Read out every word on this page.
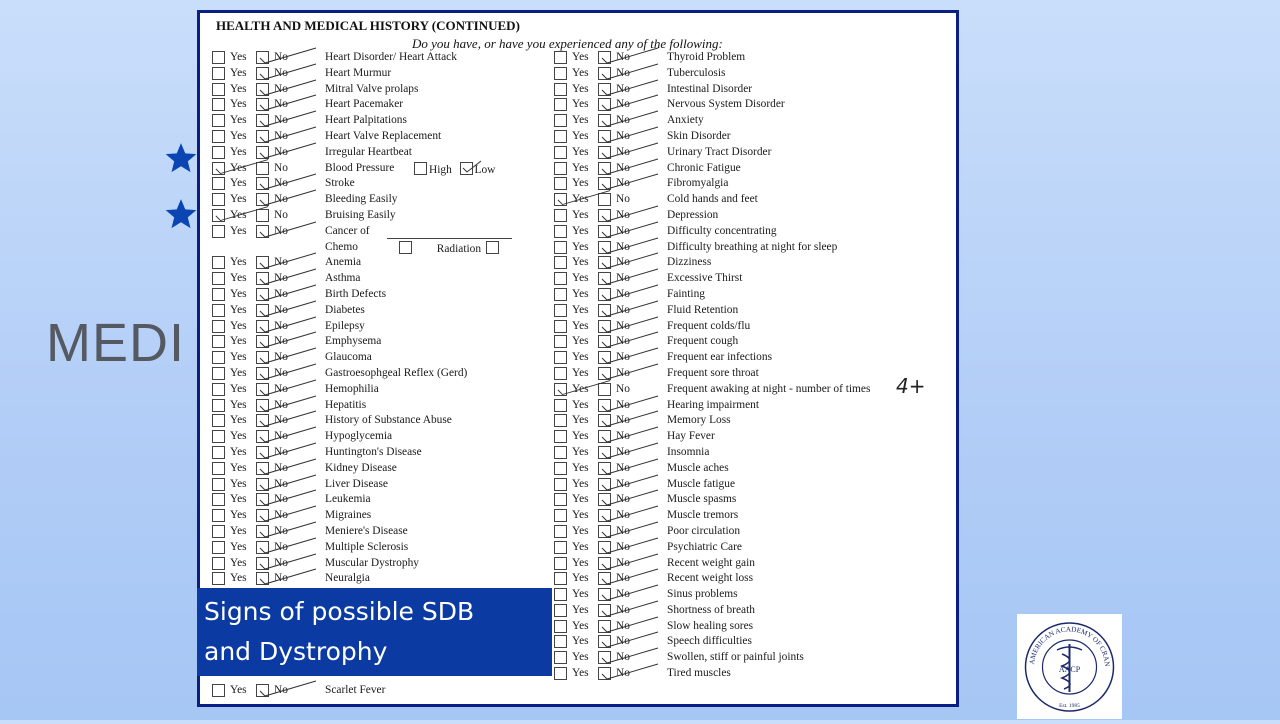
MEDI
HEALTH AND MEDICAL HISTORY (CONTINUED)
Do you have, or have you experienced any of the following:
Yes No	Heart Disorder/ Heart Attack
Yes No	Heart Murmur
Yes No	Mitral Valve prolaps
Yes No	Heart Pacemaker
Yes No	Heart Palpitations
Yes No	Heart Valve Replacement
Yes No	Irregular Heartbeat
Yes No	Blood Pressure	High Low
Yes No	Stroke
Yes No	Bleeding Easily
Yes No	Bruising Easily
Yes No	Cancer of
Chemo	Radiation
Yes No	Anemia
Yes No	Asthma
Yes No	Birth Defects
Yes No	Diabetes
Yes No	Epilepsy
Yes No	Emphysema
Yes No	Glaucoma
Yes No	Gastroesophgeal Reflex (Gerd)
Yes No	Hemophilia
Yes No	Hepatitis
Yes No	History of Substance Abuse
Yes No	Hypoglycemia
Yes No	Huntington's Disease
Yes No	Kidney Disease
Yes No	Liver Disease
Yes No	Leukemia
Yes No	Migraines
Yes No	Meniere's Disease
Yes No	Multiple Sclerosis
Yes No	Muscular Dystrophy
Yes No	Neuralgia
Yes No	Thyroid Problem
Yes No	Tuberculosis
Yes No	Intestinal Disorder
Yes No	Nervous System Disorder
Yes No	Anxiety
Yes No	Skin Disorder
Yes No	Urinary Tract Disorder
Yes No	Chronic Fatigue
Yes No	Fibromyalgia
Yes No	Cold hands and feet
Yes No	Depression
Yes No	Difficulty concentrating
Yes No	Difficulty breathing at night for sleep
Yes No	Dizziness
Yes No	Excessive Thirst
Yes No	Fainting
Yes No	Fluid Retention
Yes No	Frequent colds/flu
Yes No	Frequent cough
Yes No	Frequent ear infections
Yes No	Frequent sore throat
Yes No	Frequent awaking at night - number of times 4+
Yes No	Hearing impairment
Yes No	Memory Loss
Yes No	Hay Fever
Yes No	Insomnia
Yes No	Muscle aches
Yes No	Muscle fatigue
Yes No	Muscle spasms
Yes No	Muscle tremors
Yes No	Poor circulation
Yes No	Psychiatric Care
Yes No	Recent weight gain
Yes No	Recent weight loss
Yes No	Sinus problems
Yes No	Shortness of breath
Yes No	Slow healing sores
Yes No	Speech difficulties
Yes No	Swollen, stiff or painful joints
Yes No	Tired muscles
Yes No	Scarlet Fever
Signs of possible SDB
and Dystrophy	AMERICAN ACADEMY OF CRAN
AACP
Est. 1985
